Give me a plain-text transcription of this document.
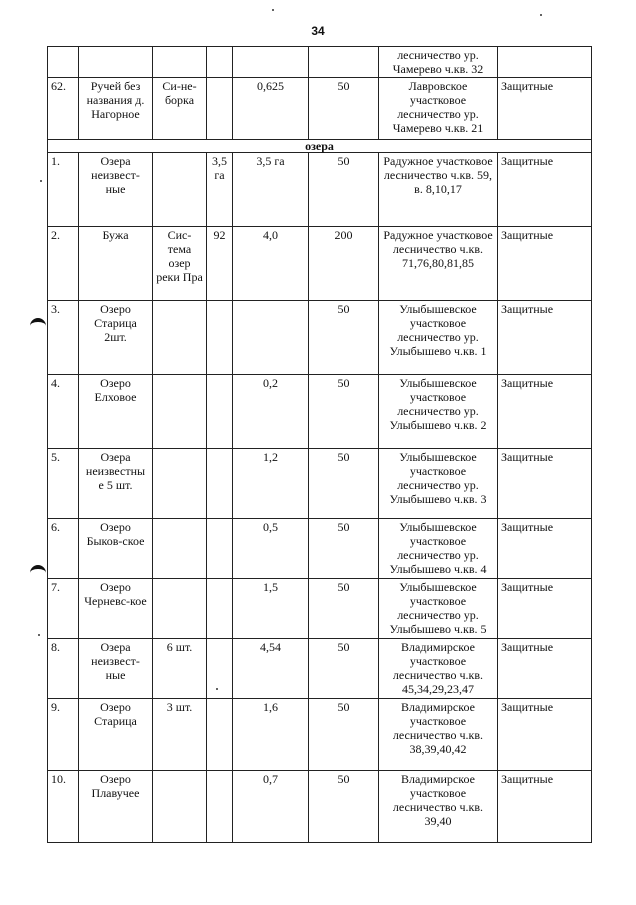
34
						лесничество ур. Чамерево ч.кв. 32	
62.	Ручей без названия д. Нагорное	Си-не-борка		0,625	50	Лавровское участковое лесничество ур. Чамерево ч.кв. 21	Защитные
озера							
1.	Озера неизвест-ные		3,5 га	3,5 га	50	Радужное участковое лесничество ч.кв. 59, в. 8,10,17	Защитные
2.	Бужа	Сис-тема озер реки Пра	92	4,0	200	Радужное участковое лесничество ч.кв. 71,76,80,81,85	Защитные
3.	Озеро Старица 2шт.				50	Улыбышевское участковое лесничество ур. Улыбышево ч.кв. 1	Защитные
4.	Озеро Елховое			0,2	50	Улыбышевское участковое лесничество ур. Улыбышево ч.кв. 2	Защитные
5.	Озера неизвестны е 5 шт.			1,2	50	Улыбышевское участковое лесничество ур. Улыбышево ч.кв. 3	Защитные
6.	Озеро Быков-ское			0,5	50	Улыбышевское участковое лесничество ур. Улыбышево ч.кв. 4	Защитные
7.	Озеро Черневс-кое			1,5	50	Улыбышевское участковое лесничество ур. Улыбышево ч.кв. 5	Защитные
8.	Озера неизвест-ные	6 шт.		4,54	50	Владимирское участковое лесничество ч.кв. 45,34,29,23,47	Защитные
9.	Озеро Старица	3 шт.		1,6	50	Владимирское участковое лесничество ч.кв. 38,39,40,42	Защитные
10.	Озеро Плавучее			0,7	50	Владимирское участковое лесничество ч.кв. 39,40	Защитные
